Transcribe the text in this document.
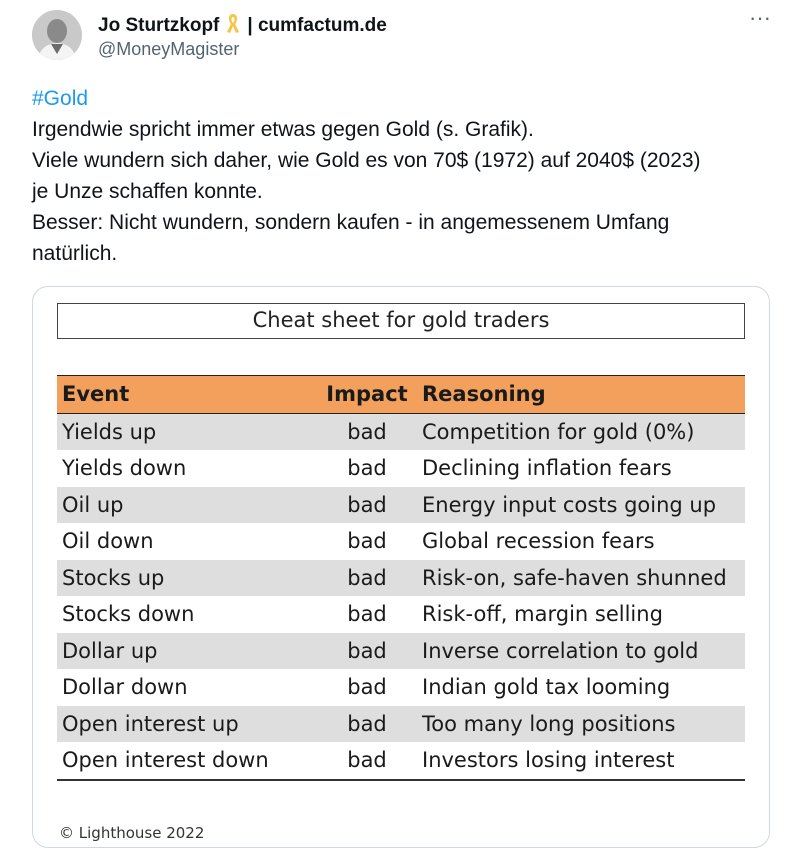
Jo Sturtzkopf | cumfactum.de
@MoneyMagister
···
#Gold
Irgendwie spricht immer etwas gegen Gold (s. Grafik).
Viele wundern sich daher, wie Gold es von 70$ (1972) auf 2040$ (2023)
je Unze schaffen konnte.
Besser: Nicht wundern, sondern kaufen - in angemessenem Umfang
natürlich.
Cheat sheet for gold traders
Event	Impact	Reasoning
Yields up	bad	Competition for gold (0%)
Yields down	bad	Declining inflation fears
Oil up	bad	Energy input costs going up
Oil down	bad	Global recession fears
Stocks up	bad	Risk-on, safe-haven shunned
Stocks down	bad	Risk-off, margin selling
Dollar up	bad	Inverse correlation to gold
Dollar down	bad	Indian gold tax looming
Open interest up	bad	Too many long positions
Open interest down	bad	Investors losing interest
© Lighthouse 2022
